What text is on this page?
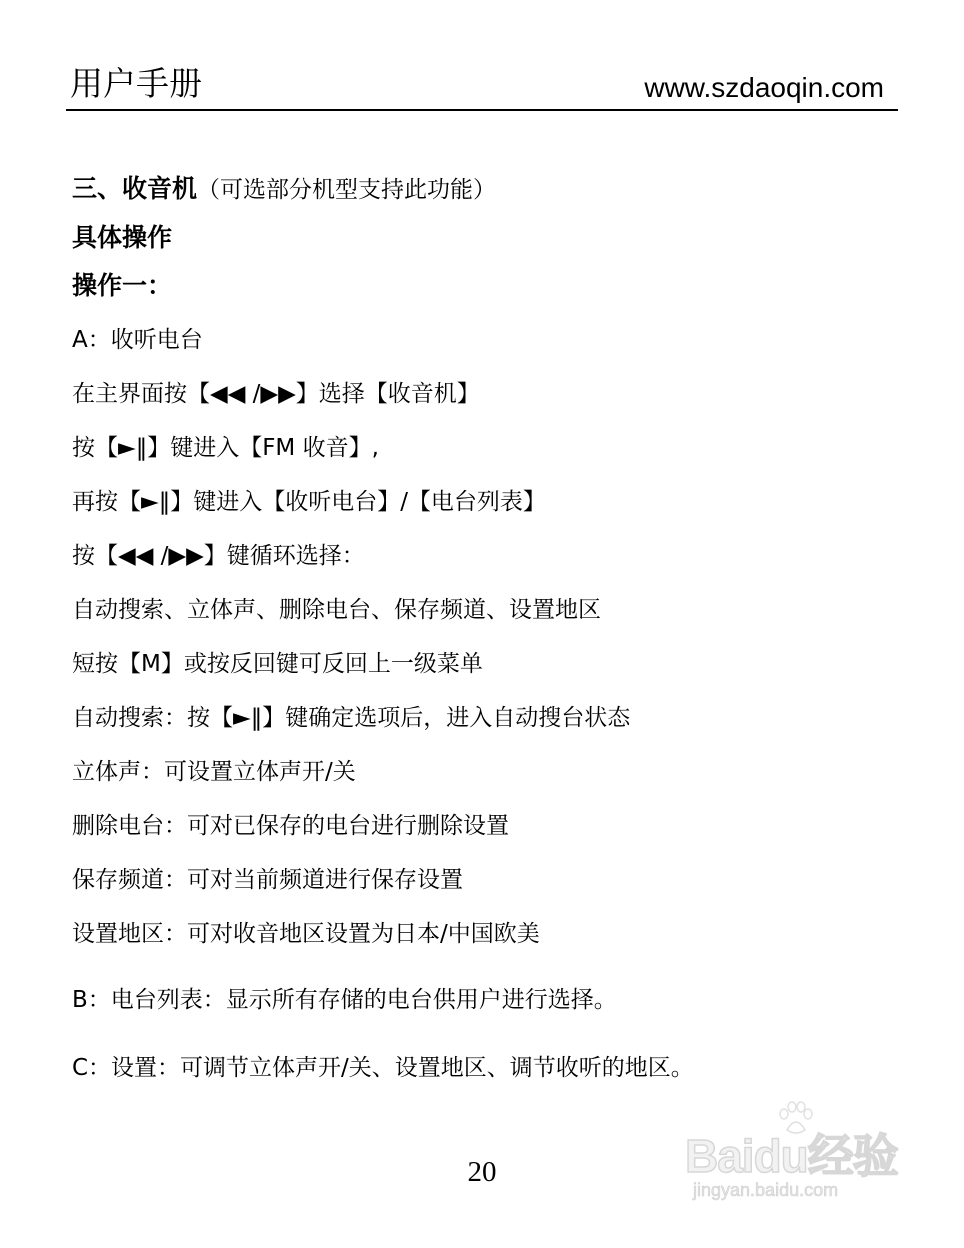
用户手册	www.szdaoqin.com
三、收音机（可选部分机型支持此功能）
具体操作
操作一：
A：收听电台
在主界面按【◀◀ /▶▶】选择【收音机】
按【►‖】键进入【FM 收音】,
再按【►‖】键进入【收听电台】/【电台列表】
按【◀◀ /▶▶】键循环选择：
自动搜索、立体声、删除电台、保存频道、设置地区
短按【M】或按反回键可反回上一级菜单
自动搜索：按【►‖】键确定选项后，进入自动搜台状态
立体声：可设置立体声开/关
删除电台：可对已保存的电台进行删除设置
保存频道：可对当前频道进行保存设置
设置地区：可对收音地区设置为日本/中国欧美
B：电台列表：显示所有存储的电台供用户进行选择。
C：设置：可调节立体声开/关、设置地区、调节收听的地区。
20	Baidu经验
jingyan.baidu.com
